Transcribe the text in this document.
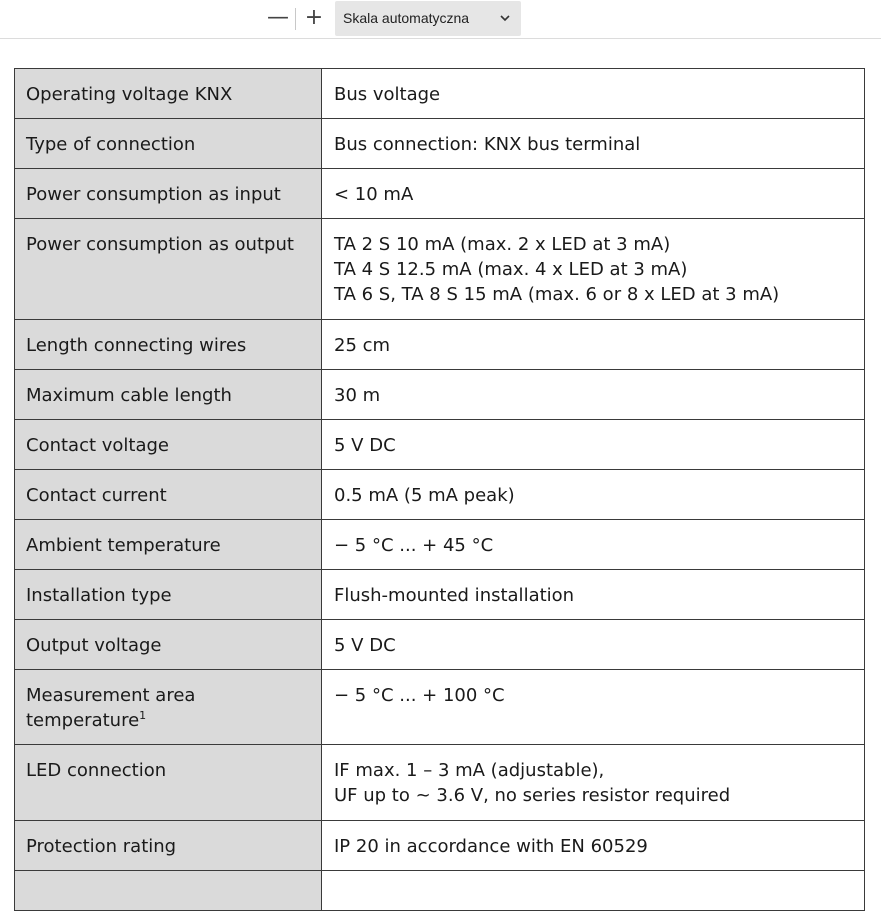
— + Skala automatyczna
Operating voltage KNX	Bus voltage

Type of connection	Bus connection: KNX bus terminal

Power consumption as input	< 10 mA

Power consumption as output	TA 2 S 10 mA (max. 2 x LED at 3 mA)
TA 4 S 12.5 mA (max. 4 x LED at 3 mA)
TA 6 S, TA 8 S 15 mA (max. 6 or 8 x LED at 3 mA)

Length connecting wires	25 cm

Maximum cable length	30 m

Contact voltage	5 V DC

Contact current	0.5 mA (5 mA peak)

Ambient temperature	− 5 °C ... + 45 °C

Installation type	Flush-mounted installation

Output voltage	5 V DC

Measurement area temperature$^1$	− 5 °C ... + 100 °C

LED connection	IF max. 1 – 3 mA (adjustable),
UF up to ~ 3.6 V, no series resistor required

Protection rating	IP 20 in accordance with EN 60529
